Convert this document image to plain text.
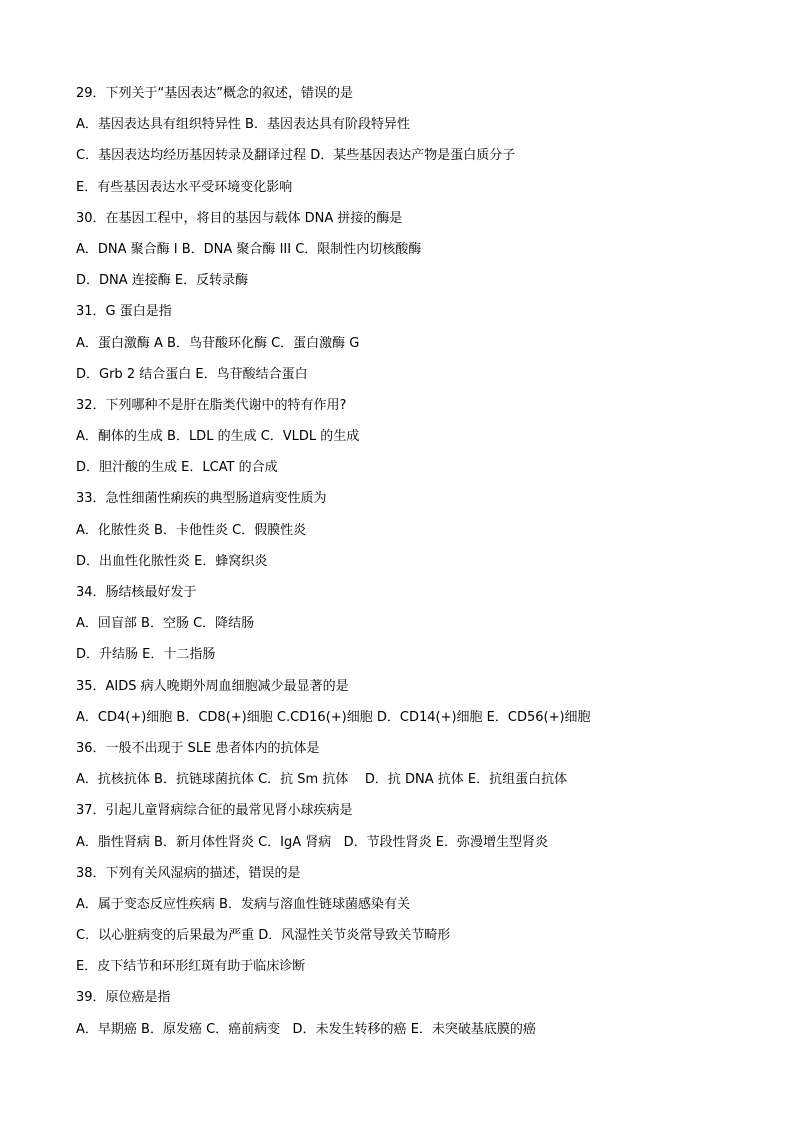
29．下列关于“基因表达”概念的叙述，错误的是
A．基因表达具有组织特异性 B．基因表达具有阶段特异性
C．基因表达均经历基因转录及翻译过程 D．某些基因表达产物是蛋白质分子
E．有些基因表达水平受环境变化影响
30．在基因工程中，将目的基因与载体 DNA 拼接的酶是
A．DNA 聚合酶 I B．DNA 聚合酶 III C．限制性内切核酸酶
D．DNA 连接酶 E．反转录酶
31．G 蛋白是指
A．蛋白激酶 A B．鸟苷酸环化酶 C．蛋白激酶 G
D．Grb 2 结合蛋白 E．鸟苷酸结合蛋白
32．下列哪种不是肝在脂类代谢中的特有作用?
A．酮体的生成 B．LDL 的生成 C．VLDL 的生成
D．胆汁酸的生成 E．LCAT 的合成
33．急性细菌性痢疾的典型肠道病变性质为
A．化脓性炎 B．卡他性炎 C．假膜性炎
D．出血性化脓性炎 E．蜂窝织炎
34．肠结核最好发于
A．回盲部 B．空肠 C．降结肠
D．升结肠 E．十二指肠
35．AIDS 病人晚期外周血细胞减少最显著的是
A．CD4(+)细胞 B．CD8(+)细胞 C.CD16(+)细胞 D．CD14(+)细胞 E．CD56(+)细胞
36．一般不出现于 SLE 患者体内的抗体是
A．抗核抗体 B．抗链球菌抗体 C．抗 Sm 抗体    D．抗 DNA 抗体 E．抗组蛋白抗体
37．引起儿童肾病综合征的最常见肾小球疾病是
A．脂性肾病 B．新月体性肾炎 C．IgA 肾病   D．节段性肾炎 E．弥漫增生型肾炎
38．下列有关风湿病的描述，错误的是
A．属于变态反应性疾病 B．发病与溶血性链球菌感染有关
C．以心脏病变的后果最为严重 D．风湿性关节炎常导致关节畸形
E．皮下结节和环形红斑有助于临床诊断
39．原位癌是指
A．早期癌 B．原发癌 C．癌前病变   D．未发生转移的癌 E．未突破基底膜的癌
